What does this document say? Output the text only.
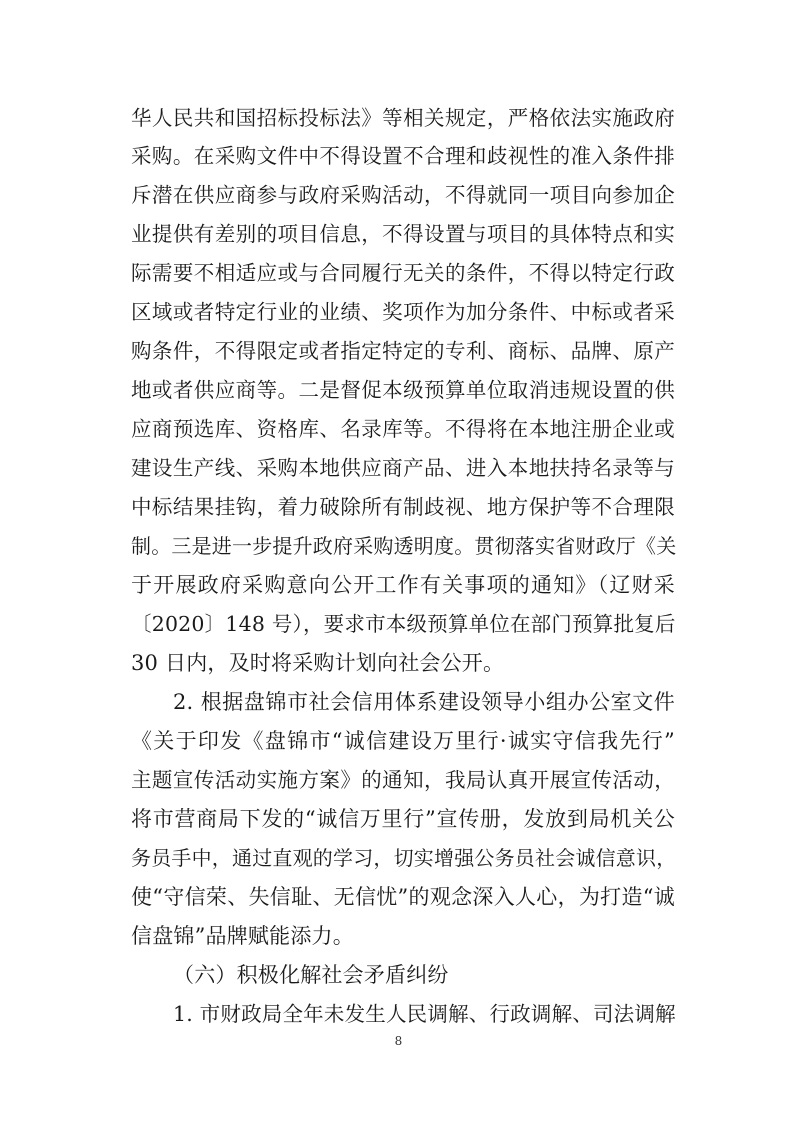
华人民共和国招标投标法》等相关规定，严格依法实施政府
采购。在采购文件中不得设置不合理和歧视性的准入条件排
斥潜在供应商参与政府采购活动，不得就同一项目向参加企
业提供有差别的项目信息，不得设置与项目的具体特点和实
际需要不相适应或与合同履行无关的条件，不得以特定行政
区域或者特定行业的业绩、奖项作为加分条件、中标或者采
购条件，不得限定或者指定特定的专利、商标、品牌、原产
地或者供应商等。二是督促本级预算单位取消违规设置的供
应商预选库、资格库、名录库等。不得将在本地注册企业或
建设生产线、采购本地供应商产品、进入本地扶持名录等与
中标结果挂钩，着力破除所有制歧视、地方保护等不合理限
制。三是进一步提升政府采购透明度。贯彻落实省财政厅《关
于开展政府采购意向公开工作有关事项的通知》（辽财采
〔2020〕148 号），要求市本级预算单位在部门预算批复后
30 日内，及时将采购计划向社会公开。
2. 根据盘锦市社会信用体系建设领导小组办公室文件
《关于印发《盘锦市“诚信建设万里行·诚实守信我先行”
主题宣传活动实施方案》的通知，我局认真开展宣传活动，
将市营商局下发的“诚信万里行”宣传册，发放到局机关公
务员手中，通过直观的学习，切实增强公务员社会诚信意识，
使“守信荣、失信耻、无信忧”的观念深入人心，为打造“诚
信盘锦”品牌赋能添力。
（六）积极化解社会矛盾纠纷
1. 市财政局全年未发生人民调解、行政调解、司法调解
8
